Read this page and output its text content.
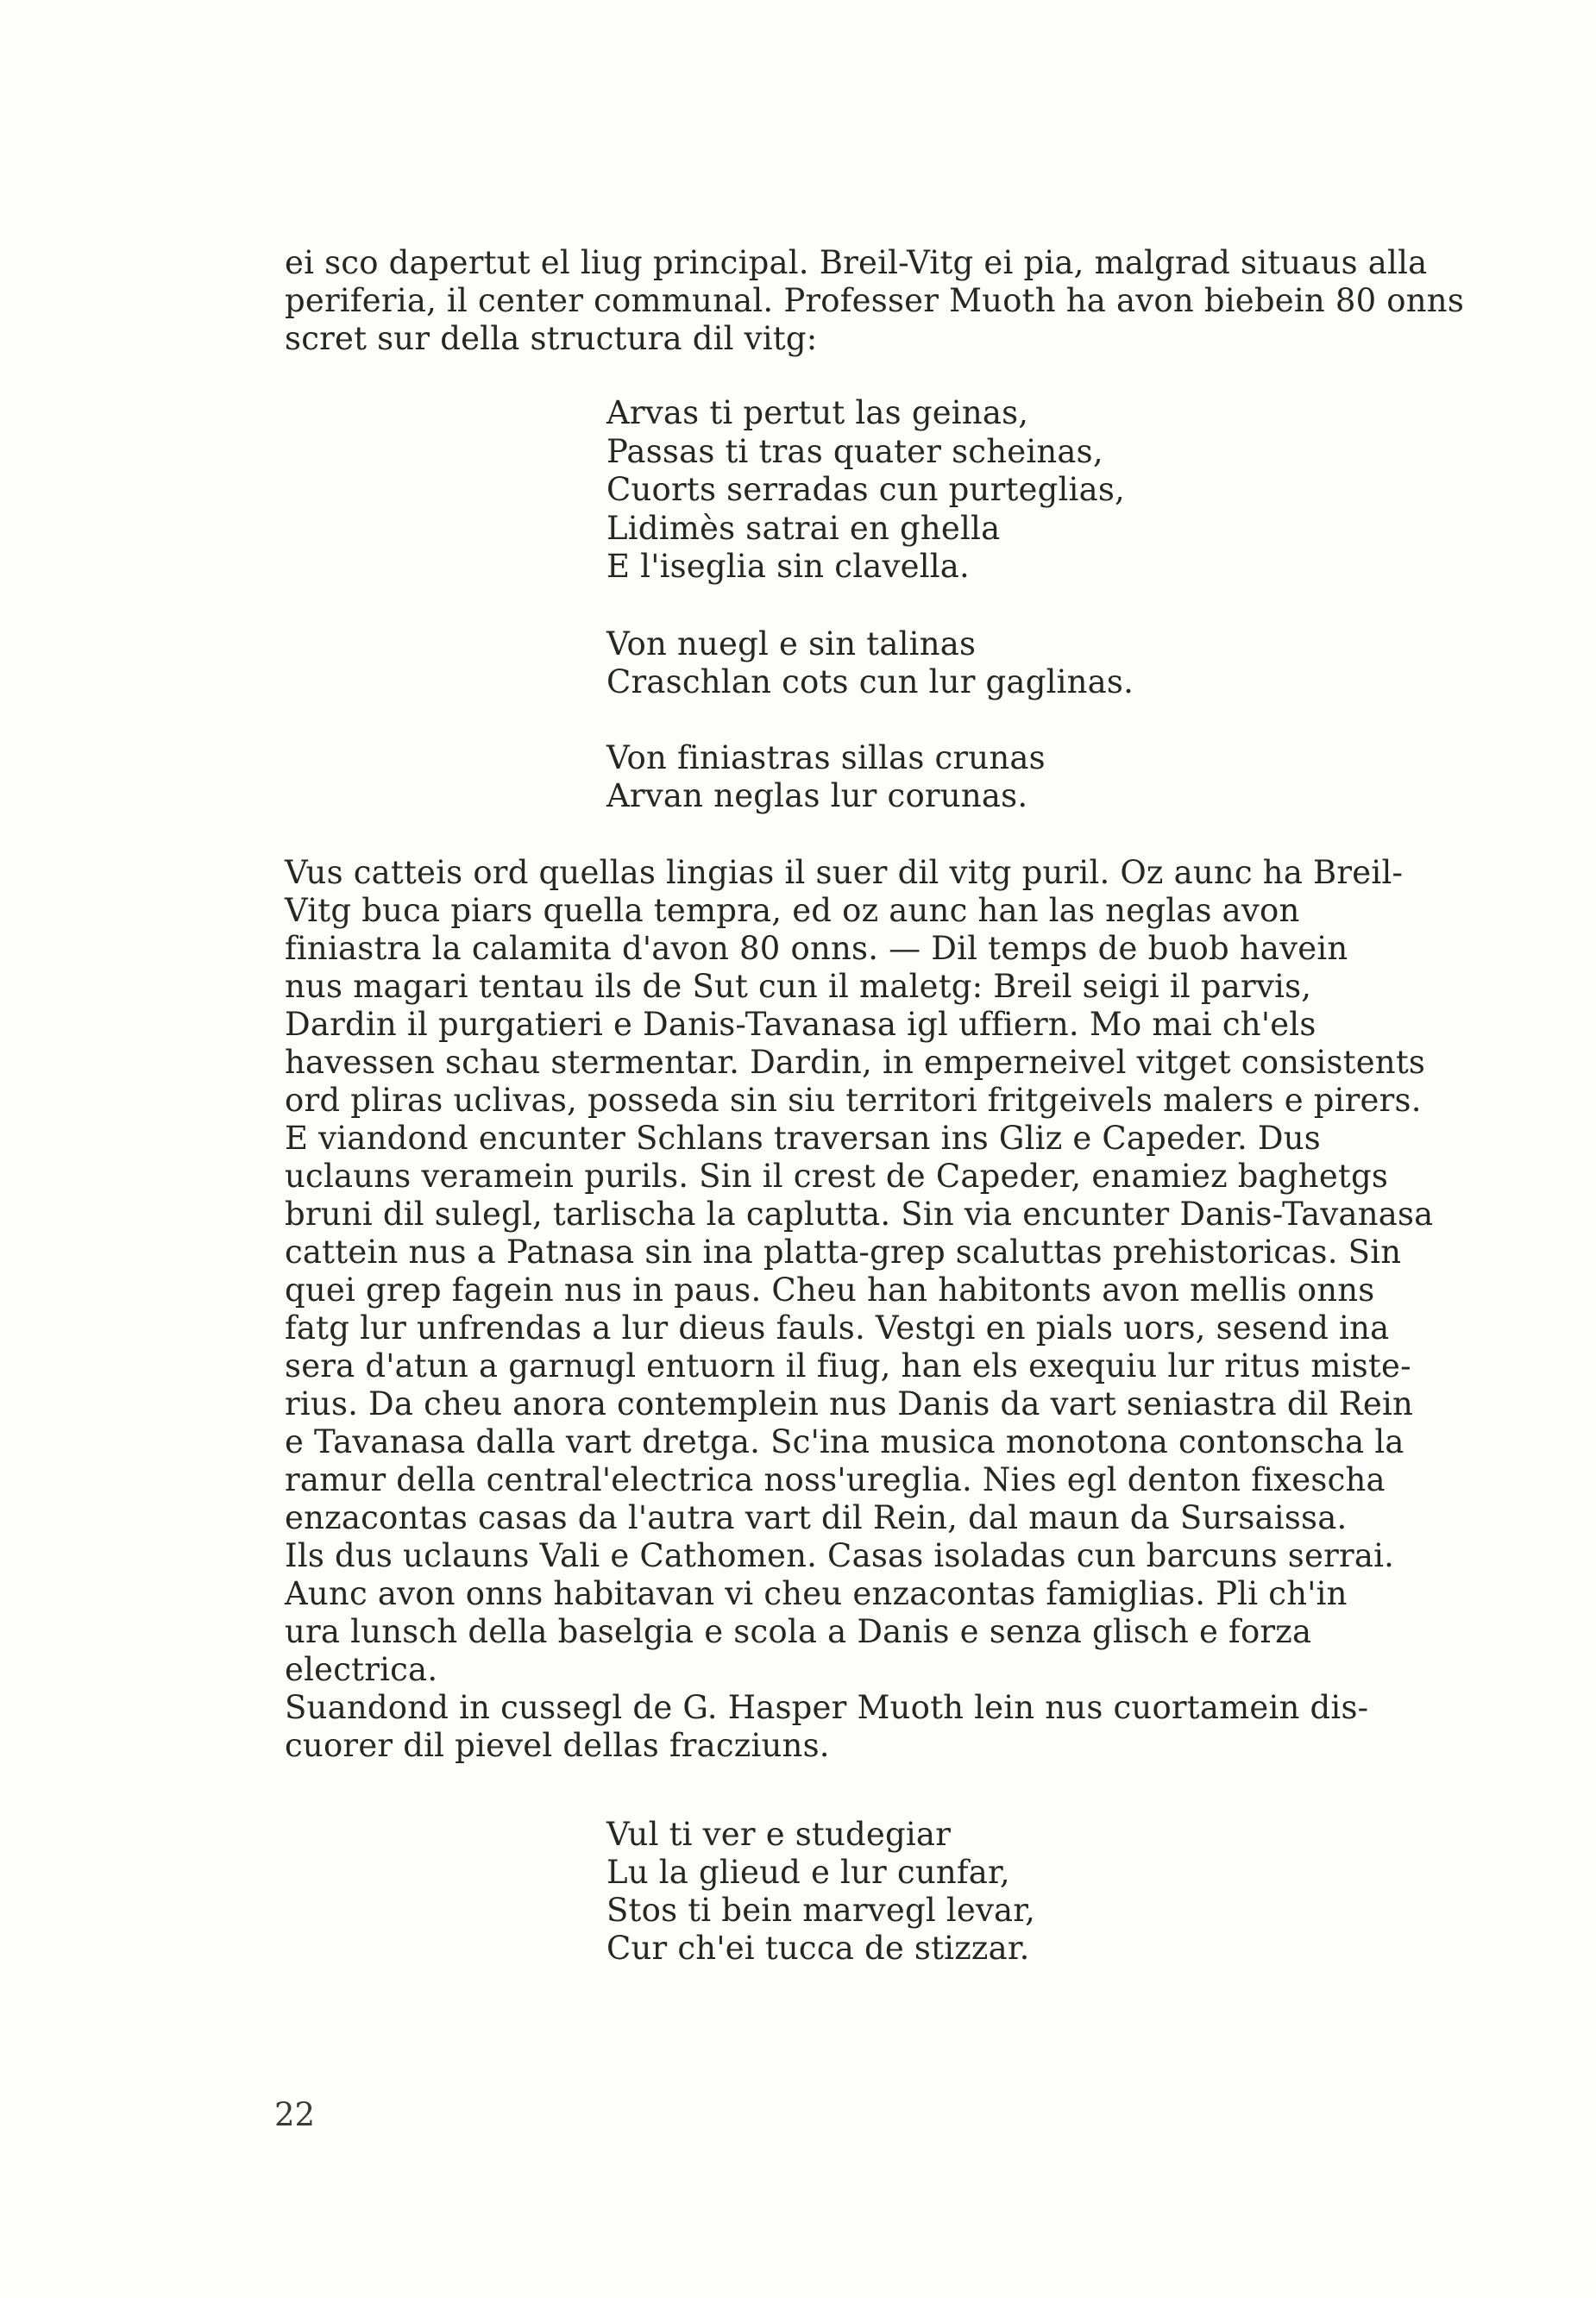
ei sco dapertut el liug principal. Breil-Vitg ei pia, malgrad situaus alla
periferia, il center communal. Professer Muoth ha avon biebein 80 onns
scret sur della structura dil vitg:
Arvas ti pertut las geinas,
Passas ti tras quater scheinas,
Cuorts serradas cun purteglias,
Lidimès satrai en ghella
E l'iseglia sin clavella.
Von nuegl e sin talinas
Craschlan cots cun lur gaglinas.
Von finiastras sillas crunas
Arvan neglas lur corunas.
Vus catteis ord quellas lingias il suer dil vitg puril. Oz aunc ha Breil-
Vitg buca piars quella tempra, ed oz aunc han las neglas avon
finiastra la calamita d'avon 80 onns. — Dil temps de buob havein
nus magari tentau ils de Sut cun il maletg: Breil seigi il parvis,
Dardin il purgatieri e Danis-Tavanasa igl uffiern. Mo mai ch'els
havessen schau stermentar. Dardin, in emperneivel vitget consistents
ord pliras uclivas, posseda sin siu territori fritgeivels malers e pirers.
E viandond encunter Schlans traversan ins Gliz e Capeder. Dus
uclauns veramein purils. Sin il crest de Capeder, enamiez baghetgs
bruni dil sulegl, tarlischa la caplutta. Sin via encunter Danis-Tavanasa
cattein nus a Patnasa sin ina platta-grep scaluttas prehistoricas. Sin
quei grep fagein nus in paus. Cheu han habitonts avon mellis onns
fatg lur unfrendas a lur dieus fauls. Vestgi en pials uors, sesend ina
sera d'atun a garnugl entuorn il fiug, han els exequiu lur ritus miste-
rius. Da cheu anora contemplein nus Danis da vart seniastra dil Rein
e Tavanasa dalla vart dretga. Sc'ina musica monotona contonscha la
ramur della central'electrica noss'ureglia. Nies egl denton fixescha
enzacontas casas da l'autra vart dil Rein, dal maun da Sursaissa.
Ils dus uclauns Vali e Cathomen. Casas isoladas cun barcuns serrai.
Aunc avon onns habitavan vi cheu enzacontas famiglias. Pli ch'in
ura lunsch della baselgia e scola a Danis e senza glisch e forza
electrica.
Suandond in cussegl de G. Hasper Muoth lein nus cuortamein dis-
cuorer dil pievel dellas fracziuns.
Vul ti ver e studegiar
Lu la glieud e lur cunfar,
Stos ti bein marvegl levar,
Cur ch'ei tucca de stizzar.
22
